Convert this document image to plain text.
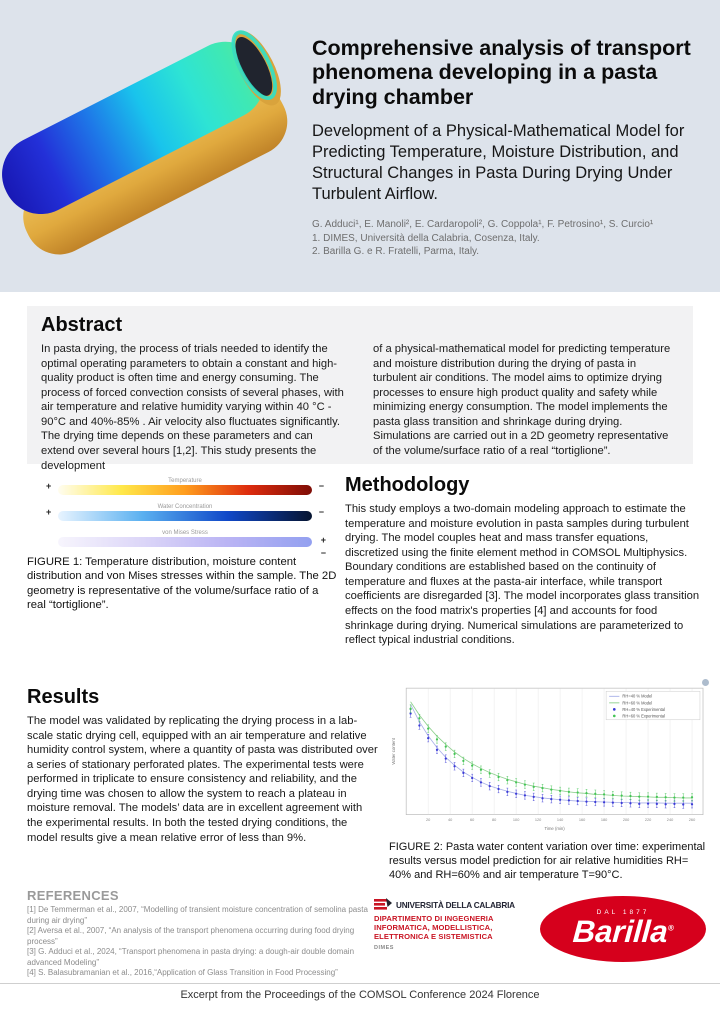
Comprehensive analysis of transport phenomena developing in a pasta drying chamber

Development of a Physical-Mathematical Model for Predicting Temperature, Moisture Distribution, and Structural Changes in Pasta During Drying Under Turbulent Airflow.

G. Adduci¹, E. Manoli², E. Cardaropoli², G. Coppola¹, F. Petrosino¹, S. Curcio¹

1. DIMES, Università della Calabria, Cosenza, Italy.

2. Barilla G. e R. Fratelli, Parma, Italy.

Abstract
In pasta drying, the process of trials needed to identify the optimal operating parameters to obtain a constant and high-quality product is often time and energy consuming. The process of forced convection consists of several phases, with air temperature and relative humidity varying within 40 °C - 90°C and 40%-85% . Air velocity also fluctuates significantly. The drying time depends on these parameters and can extend over several hours [1,2]. This study presents the development
of a physical-mathematical model for predicting temperature and moisture distribution during the drying of pasta in turbulent air conditions. The model aims to optimize drying processes to ensure high product quality and safety while minimizing energy consumption. The model implements the pasta glass transition and shrinkage during drying. Simulations are carried out in a 2D geometry representative of the volume/surface ratio of a real “tortiglione”.
Temperature
+	−
Water Concentration
+	−
von Mises Stress
+
−
FIGURE 1: Temperature distribution, moisture content distribution and von Mises stresses within the sample. The 2D geometry is representative of the volume/surface ratio of a real “tortiglione”.
Methodology

This study employs a two-domain modeling approach to estimate the temperature and moisture evolution in pasta samples during turbulent drying. The model couples heat and mass transfer equations, discretized using the finite element method in COMSOL Multiphysics. Boundary conditions are established based on the continuity of temperature and fluxes at the pasta-air interface, while transport coefficients are disregarded [3]. The model incorporates glass transition effects on the food matrix's properties [4] and accounts for food shrinkage during drying. Numerical simulations are parameterized to reflect typical industrial conditions.

Results

The model was validated by replicating the drying process in a lab-scale static drying cell, equipped with an air temperature and relative humidity control system, where a quantity of pasta was distributed over a series of stationary perforated plates. The experimental tests were performed in triplicate to ensure consistency and reliability, and the drying time was chosen to allow the system to reach a plateau in moisture removal. The models’ data are in excellent agreement with the experimental results. In both the tested drying conditions, the model results give a mean relative error of less than 9%.

20	40	60	80	100	120	140	160	180	200	220	240	260
Time (min)
Water content
RH=40 % Model
RH=60 % Model
RH=40 % Experimental
RH=60 % Experimental
FIGURE 2: Pasta water content variation over time: experimental results versus model prediction for air relative humidities RH= 40% and RH=60% and air temperature T=90°C.
REFERENCES

[1] De Temmerman et al., 2007, “Modelling of transient moisture concentration of semolina pasta during air drying”

[2] Aversa et al., 2007, “An analysis of the transport phenomena occurring during food drying process”

[3] G. Adduci et al., 2024, “Transport phenomena in pasta drying: a dough-air double domain advanced Modeling”

[4] S. Balasubramanian et al., 2016,“Application of Glass Transition in Food Processing”

UNIVERSITÀ DELLA CALABRIA
DIPARTIMENTO DI INGEGNERIA INFORMATICA, MODELLISTICA, ELETTRONICA E SISTEMISTICA
DIMES
DAL 1877
Barilla®
Excerpt from the Proceedings of the COMSOL Conference 2024 Florence
